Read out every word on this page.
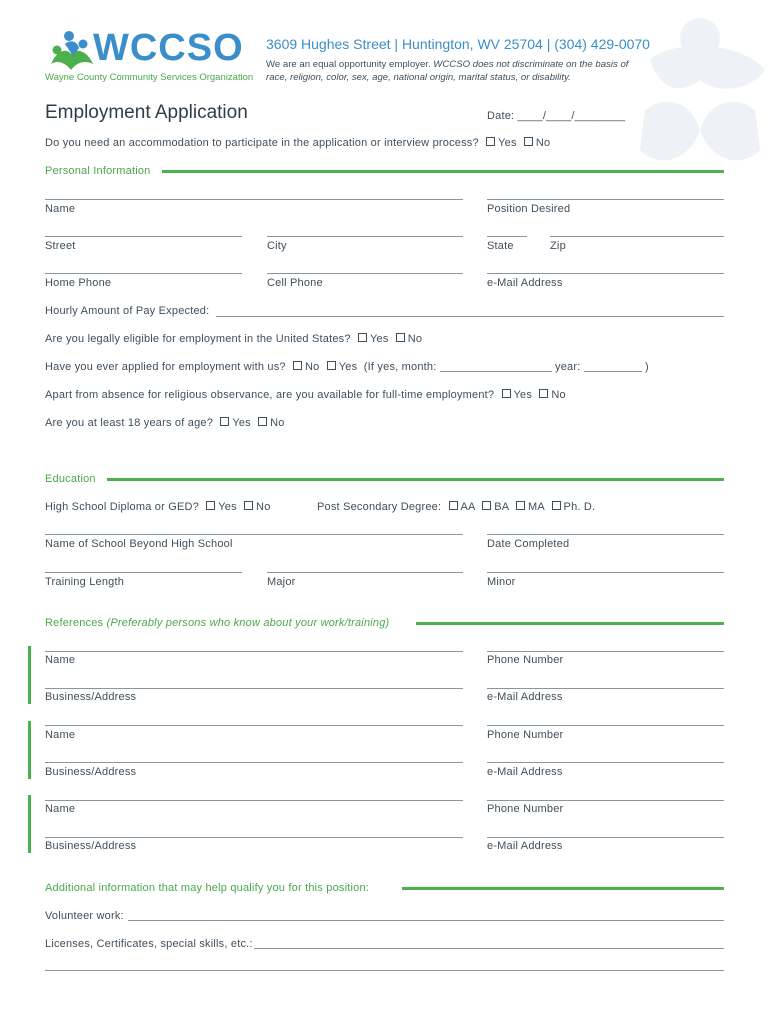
WCCSO
Wayne County Community Services Organization
3609 Hughes Street | Huntington, WV 25704 | (304) 429-0070
We are an equal opportunity employer. WCCSO does not discriminate on the basis of
race, religion, color, sex, age, national origin, marital status, or disability.
Employment Application	Date: ____/____/________
Do you need an accommodation to participate in the application or interview process? Yes No
Personal Information
Name	Position Desired
Street	City	State	Zip
Home Phone	Cell Phone	e-Mail Address
Hourly Amount of Pay Expected:
Are you legally eligible for employment in the United States? Yes No
Have you ever applied for employment with us? No Yes (If yes, month:	year:	)
Apart from absence for religious observance, are you available for full-time employment? Yes No
Are you at least 18 years of age? Yes No
Education
High School Diploma or GED? Yes No	Post Secondary Degree: AA BA MA Ph. D.
Name of School Beyond High School	Date Completed
Training Length	Major	Minor
References (Preferably persons who know about your work/training)
Name	Phone Number
Business/Address	e-Mail Address
Name	Phone Number
Business/Address	e-Mail Address
Name	Phone Number
Business/Address	e-Mail Address
Additional information that may help qualify you for this position:
Volunteer work:
Licenses, Certificates, special skills, etc.:
